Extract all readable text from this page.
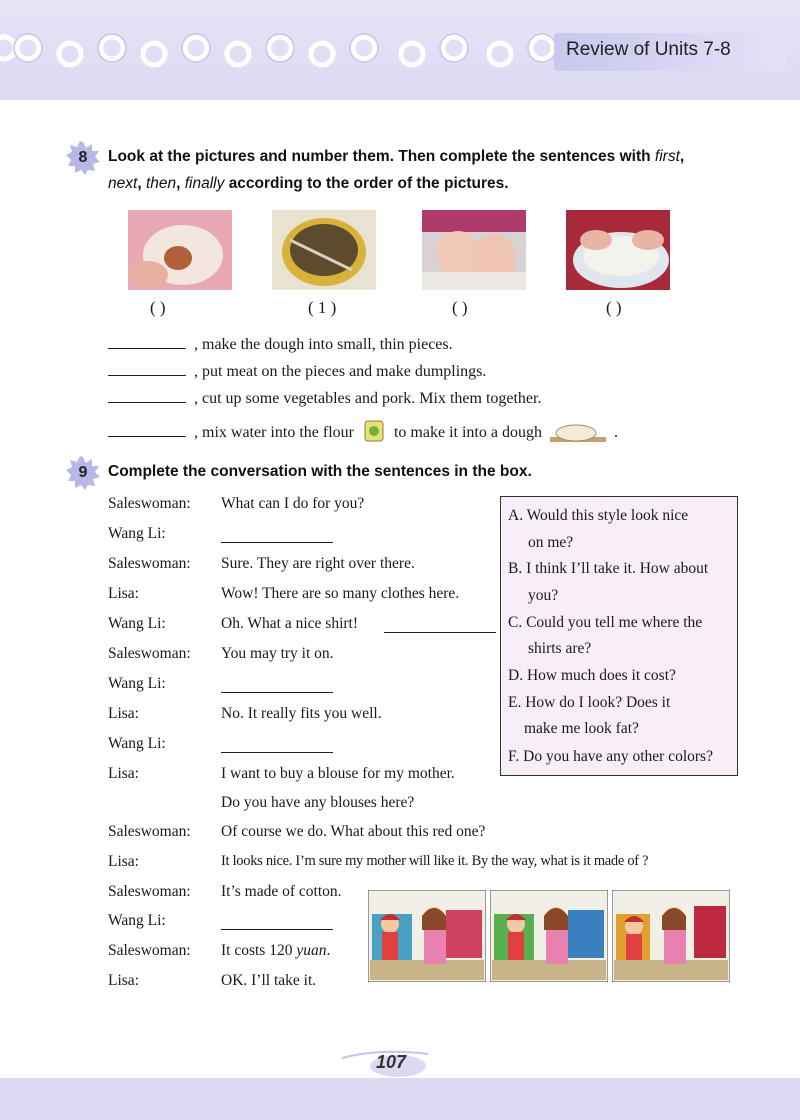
Review of Units 7-8
8	Look at the pictures and number them. Then complete the sentences with first,
next, then, finally according to the order of the pictures.
( )	( 1 )	( )	( )
, make the dough into small, thin pieces.
, put meat on the pieces and make dumplings.
, cut up some vegetables and pork. Mix them together.
, mix water into the flour	to make it into a dough	.
9	Complete the conversation with the sentences in the box.
Saleswoman: What can I do for you?
Wang Li:
Saleswoman: Sure. They are right over there.
Lisa:	Wow! There are so many clothes here.
Wang Li:	Oh. What a nice shirt!
Saleswoman: You may try it on.
Wang Li:
Lisa:	No. It really fits you well.
Wang Li:
Lisa:	I want to buy a blouse for my mother.
Do you have any blouses here?
Saleswoman: Of course we do. What about this red one?
Lisa:	It looks nice. I’m sure my mother will like it. By the way, what is it made of ?
Saleswoman: It’s made of cotton.
Wang Li:
Saleswoman: It costs 120 yuan.
Lisa:	OK. I’ll take it.
A. Would this style look nice
on me?
B. I think I’ll take it. How about
you?
C. Could you tell me where the
shirts are?
D. How much does it cost?
E. How do I look? Does it
make me look fat?
F. Do you have any other colors?
107
